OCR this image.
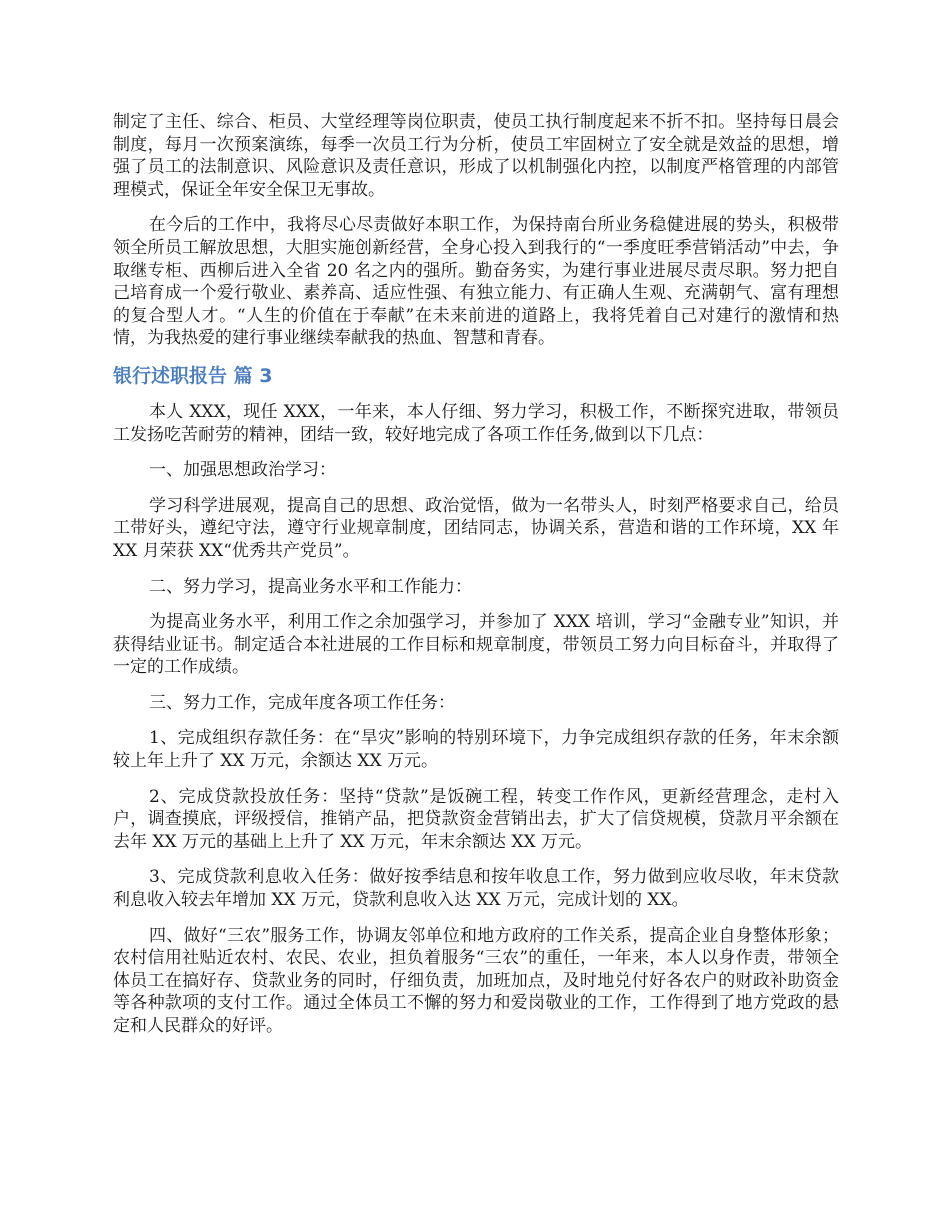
制定了主任、综合、柜员、大堂经理等岗位职责，使员工执行制度起来不折不扣。坚持每日晨会制度，每月一次预案演练，每季一次员工行为分析，使员工牢固树立了安全就是效益的思想，增强了员工的法制意识、风险意识及责任意识，形成了以机制强化内控，以制度严格管理的内部管理模式，保证全年安全保卫无事故。

在今后的工作中，我将尽心尽责做好本职工作，为保持南台所业务稳健进展的势头，积极带领全所员工解放思想，大胆实施创新经营，全身心投入到我行的“一季度旺季营销活动”中去，争取继专柜、西柳后进入全省 20 名之内的强所。勤奋务实，为建行事业进展尽责尽职。努力把自己培育成一个爱行敬业、素养高、适应性强、有独立能力、有正确人生观、充满朝气、富有理想的复合型人才。“人生的价值在于奉献”在未来前进的道路上，我将凭着自己对建行的激情和热情，为我热爱的建行事业继续奉献我的热血、智慧和青春。

银行述职报告 篇 3

本人 XXX，现任 XXX，一年来，本人仔细、努力学习，积极工作，不断探究进取，带领员工发扬吃苦耐劳的精神，团结一致，较好地完成了各项工作任务,做到以下几点：

一、加强思想政治学习：

学习科学进展观，提高自己的思想、政治觉悟，做为一名带头人，时刻严格要求自己，给员工带好头，遵纪守法，遵守行业规章制度，团结同志，协调关系，营造和谐的工作环境，XX 年 XX 月荣获 XX“优秀共产党员”。

二、努力学习，提高业务水平和工作能力：

为提高业务水平，利用工作之余加强学习，并参加了 XXX 培训，学习“金融专业”知识，并获得结业证书。制定适合本社进展的工作目标和规章制度，带领员工努力向目标奋斗，并取得了一定的工作成绩。

三、努力工作，完成年度各项工作任务：

1、完成组织存款任务：在“旱灾”影响的特别环境下，力争完成组织存款的任务，年末余额较上年上升了 XX 万元，余额达 XX 万元。

2、完成贷款投放任务：坚持“贷款”是饭碗工程，转变工作作风，更新经营理念，走村入户，调查摸底，评级授信，推销产品，把贷款资金营销出去，扩大了信贷规模，贷款月平余额在去年 XX 万元的基础上上升了 XX 万元，年末余额达 XX 万元。

3、完成贷款利息收入任务：做好按季结息和按年收息工作，努力做到应收尽收，年末贷款利息收入较去年增加 XX 万元，贷款利息收入达 XX 万元，完成计划的 XX。

四、做好“三农”服务工作，协调友邻单位和地方政府的工作关系，提高企业自身整体形象；农村信用社贴近农村、农民、农业，担负着服务“三农”的重任，一年来，本人以身作责，带领全体员工在搞好存、贷款业务的同时，仔细负责，加班加点，及时地兑付好各农户的财政补助资金等各种款项的支付工作。通过全体员工不懈的努力和爱岗敬业的工作，工作得到了地方党政的悬定和人民群众的好评。
